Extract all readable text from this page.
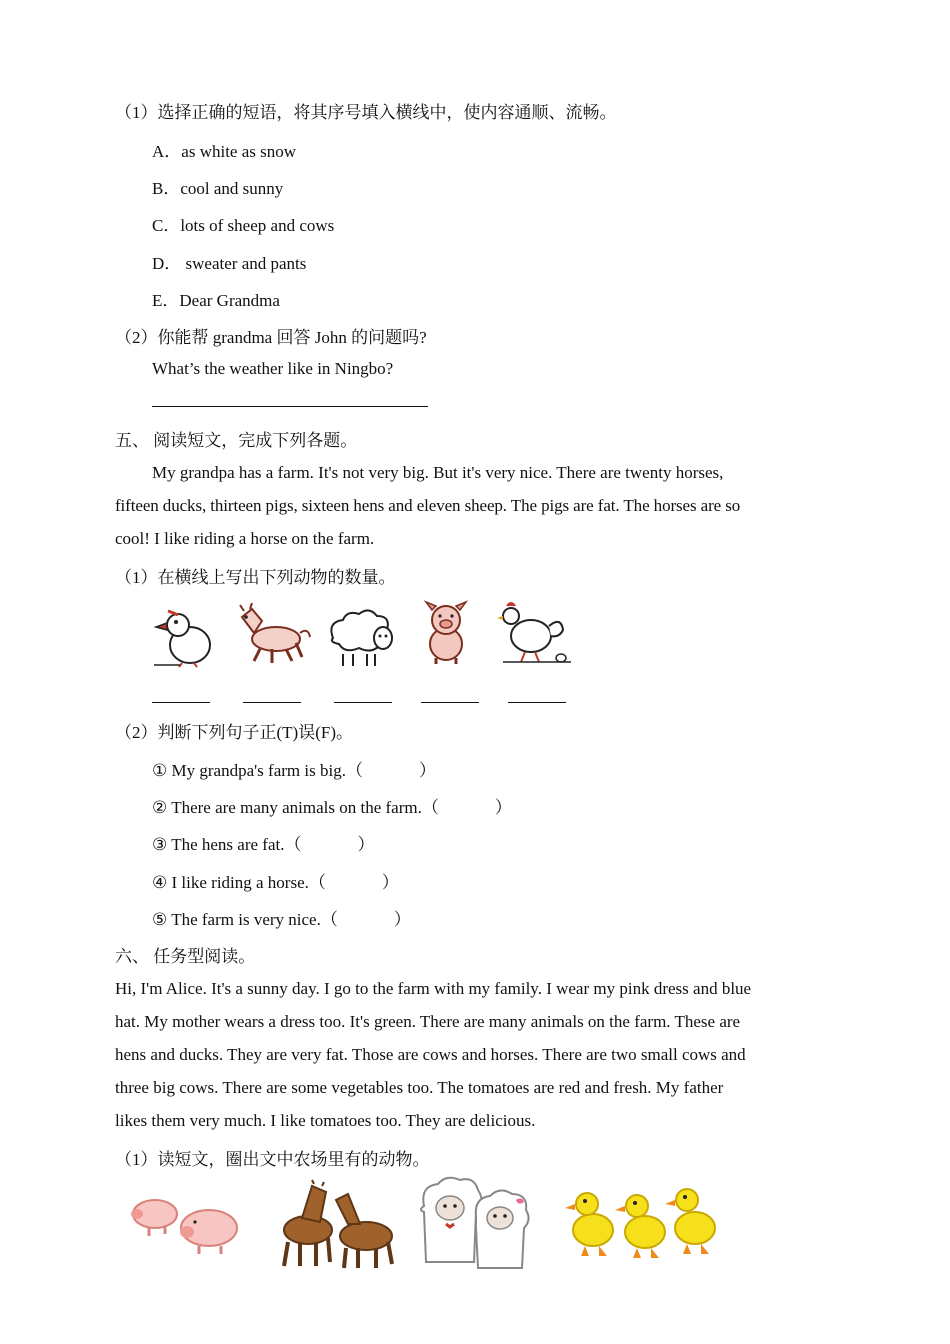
（1）选择正确的短语，将其序号填入横线中，使内容通顺、流畅。
A．as white as snow
B．cool and sunny
C．lots of sheep and cows
D． sweater and pants
E．Dear Grandma
（2）你能帮 grandma 回答 John 的问题吗?
What’s the weather like in Ningbo?
五、 阅读短文，完成下列各题。
My grandpa has a farm. It's not very big. But it's very nice. There are twenty horses,
fifteen ducks, thirteen pigs, sixteen hens and eleven sheep. The pigs are fat. The horses are so
cool! I like riding a horse on the farm.
（1）在横线上写出下列动物的数量。
（2）判断下列句子正(T)误(F)。
① My grandpa's farm is big.（	）
② There are many animals on the farm.（	）
③ The hens are fat.（	）
④ I like riding a horse.（	）
⑤ The farm is very nice.（	）
六、 任务型阅读。
Hi, I'm Alice. It's a sunny day. I go to the farm with my family. I wear my pink dress and blue
hat. My mother wears a dress too. It's green. There are many animals on the farm. These are
hens and ducks. They are very fat. Those are cows and horses. There are two small cows and
three big cows. There are some vegetables too. The tomatoes are red and fresh. My father
likes them very much. I like tomatoes too. They are delicious.
（1）读短文，圈出文中农场里有的动物。
